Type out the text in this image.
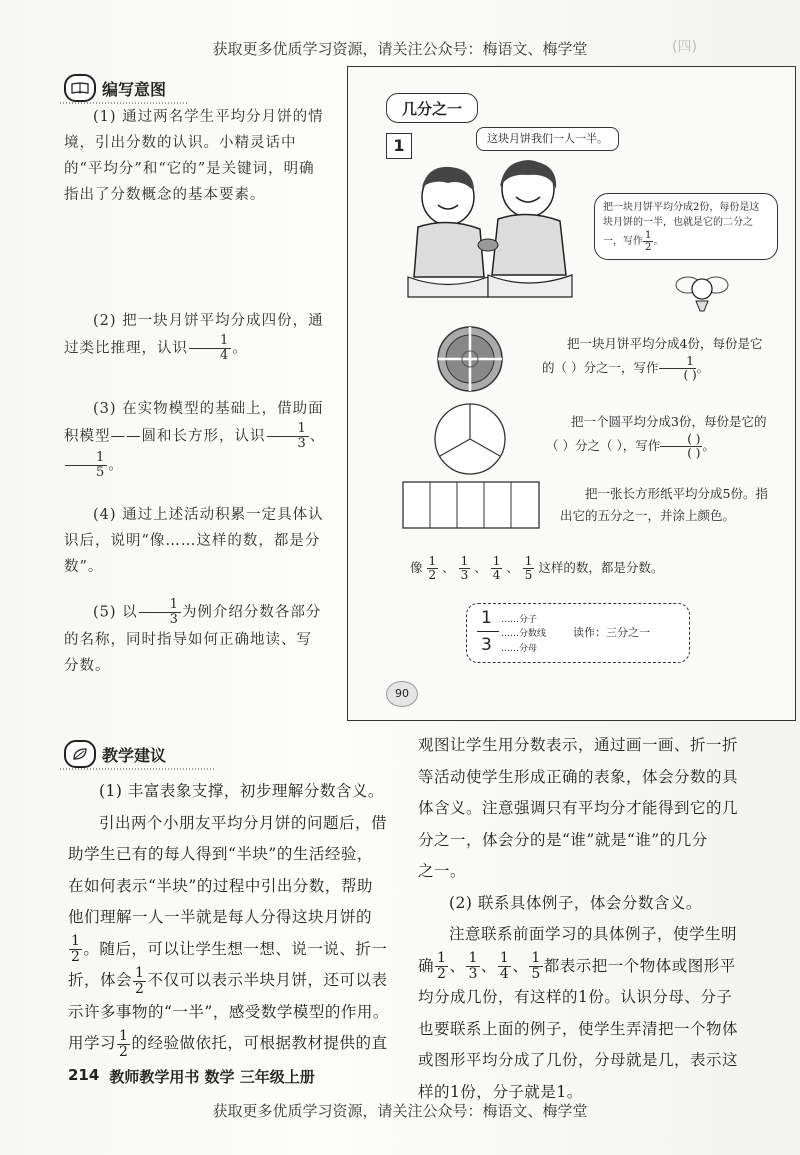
获取更多优质学习资源，请关注公众号：梅语文、梅学堂	(四)
编写意图
(1) 通过两名学生平均分月饼的情境，引出分数的认识。小精灵话中的“平均分”和“它的”是关键词，明确指出了分数概念的基本要素。
(2) 把一块月饼平均分成四份，通过类比推理，认识 $\frac{1}{4}$ 。
(3) 在实物模型的基础上，借助面积模型——圆和长方形，认识 $\frac{1}{3}$ 、
$\frac{1}{5}$ 。
(4) 通过上述活动积累一定具体认识后，说明“像……这样的数，都是分数”。
(5) 以 $\frac{1}{3}$ 为例介绍分数各部分的名称，同时指导如何正确地读、写分数。
几分之一
1	这块月饼我们一人一半。
把一块月饼平均分成2份，每份是这块月饼的一半，也就是它的二分之一，写作 $\frac{1}{2}$ 。
把一块月饼平均分成4份，每份是它的（ ）分之一，写作 $\frac{1}{( )}$ 。
把一个圆平均分成3份，每份是它的（ ）分之（ ），写作 $\frac{( )}{( )}$ 。
把一张长方形纸平均分成5份。指出它的五分之一，并涂上颜色。
像 $\frac{1}{2}$ 、 $\frac{1}{3}$ 、 $\frac{1}{4}$ 、 $\frac{1}{5}$ 这样的数，都是分数。
1
3
……分子
……分数线
……分母
读作：三分之一
90
教学建议

(1) 丰富表象支撑，初步理解分数含义。

引出两个小朋友平均分月饼的问题后，借

助学生已有的每人得到“半块”的生活经验，

在如何表示“半块”的过程中引出分数，帮助

他们理解一人一半就是每人分得这块月饼的

$\frac{1}{2}$ 。随后，可以让学生想一想、说一说、折一

折，体会 $\frac{1}{2}$ 不仅可以表示半块月饼，还可以表

示许多事物的“一半”，感受数学模型的作用。

用学习 $\frac{1}{2}$ 的经验做依托，可根据教材提供的直

观图让学生用分数表示，通过画一画、折一折

等活动使学生形成正确的表象，体会分数的具

体含义。注意强调只有平均分才能得到它的几

分之一，体会分的是“谁”就是“谁”的几分

之一。

(2) 联系具体例子，体会分数含义。

注意联系前面学习的具体例子，使学生明

确 $\frac{1}{2}$ 、 $\frac{1}{3}$ 、 $\frac{1}{4}$ 、 $\frac{1}{5}$ 都表示把一个物体或图形平

均分成几份，有这样的1份。认识分母、分子

也要联系上面的例子，使学生弄清把一个物体

或图形平均分成了几份，分母就是几，表示这

样的1份，分子就是1。

214 教师教学用书 数学 三年级上册
获取更多优质学习资源，请关注公众号：梅语文、梅学堂
